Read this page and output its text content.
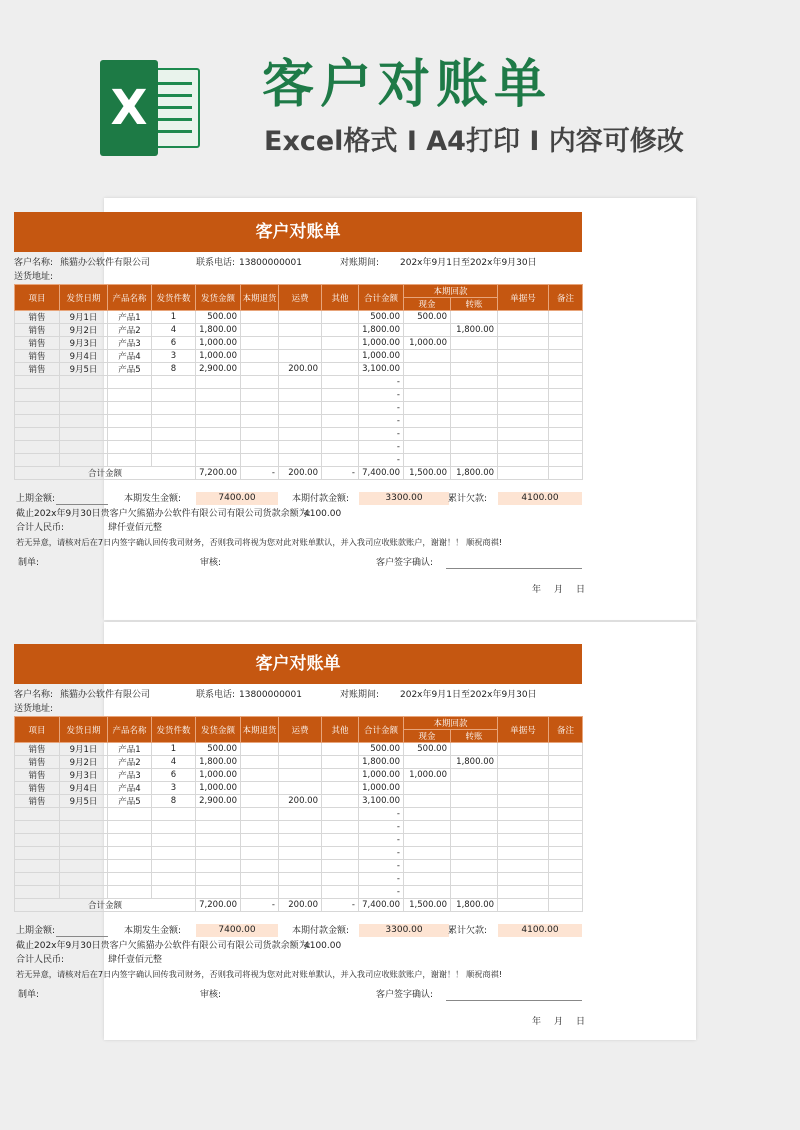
X 客户对账单
Excel格式 I A4打印 I 内容可修改
客户对账单
客户名称: 熊猫办公软件有限公司	联系电话: 13800000001	对账期间: 202x年9月1日至202x年9月30日
送货地址:
项目	发货日期	产品名称	发货件数	发货金额	本期退货	运费	其他	合计金额	本期回款		单据号	备注
									现金	转账		
销售	9月1日	产品1	1	500.00				500.00	500.00			
销售	9月2日	产品2	4	1,800.00				1,800.00		1,800.00		
销售	9月3日	产品3	6	1,000.00				1,000.00	1,000.00			
销售	9月4日	产品4	3	1,000.00				1,000.00				
销售	9月5日	产品5	8	2,900.00		200.00		3,100.00				
								-				
								-				
								-				
								-				
								-				
								-				
								-				
合计金额				7,200.00	-	200.00	-	7,400.00	1,500.00	1,800.00		
上期金额:	本期发生金额:	7400.00	本期付款金额:	3300.00	累计欠款:	4100.00
截止202x年9月30日贵客户欠熊猫办公软件有限公司有限公司货款余额为:
4100.00
合计人民币:	肆仟壹佰元整
若无异意，请核对后在7日内签字确认回传我司财务，否则我司将视为您对此对账单默认，并入我司应收账款账户，谢谢！！ 顺祝商祺!
制单:	审核:	客户签字确认:
年 月 日
客户对账单
客户名称: 熊猫办公软件有限公司	联系电话: 13800000001	对账期间: 202x年9月1日至202x年9月30日
送货地址:
项目	发货日期	产品名称	发货件数	发货金额	本期退货	运费	其他	合计金额	本期回款		单据号	备注
									现金	转账		
销售	9月1日	产品1	1	500.00				500.00	500.00			
销售	9月2日	产品2	4	1,800.00				1,800.00		1,800.00		
销售	9月3日	产品3	6	1,000.00				1,000.00	1,000.00			
销售	9月4日	产品4	3	1,000.00				1,000.00				
销售	9月5日	产品5	8	2,900.00		200.00		3,100.00				
								-				
								-				
								-				
								-				
								-				
								-				
								-				
合计金额				7,200.00	-	200.00	-	7,400.00	1,500.00	1,800.00		
上期金额:	本期发生金额:	7400.00	本期付款金额:	3300.00	累计欠款:	4100.00
截止202x年9月30日贵客户欠熊猫办公软件有限公司有限公司货款余额为:
4100.00
合计人民币:	肆仟壹佰元整
若无异意，请核对后在7日内签字确认回传我司财务，否则我司将视为您对此对账单默认，并入我司应收账款账户，谢谢！！ 顺祝商祺!
制单:	审核:	客户签字确认:
年 月 日
